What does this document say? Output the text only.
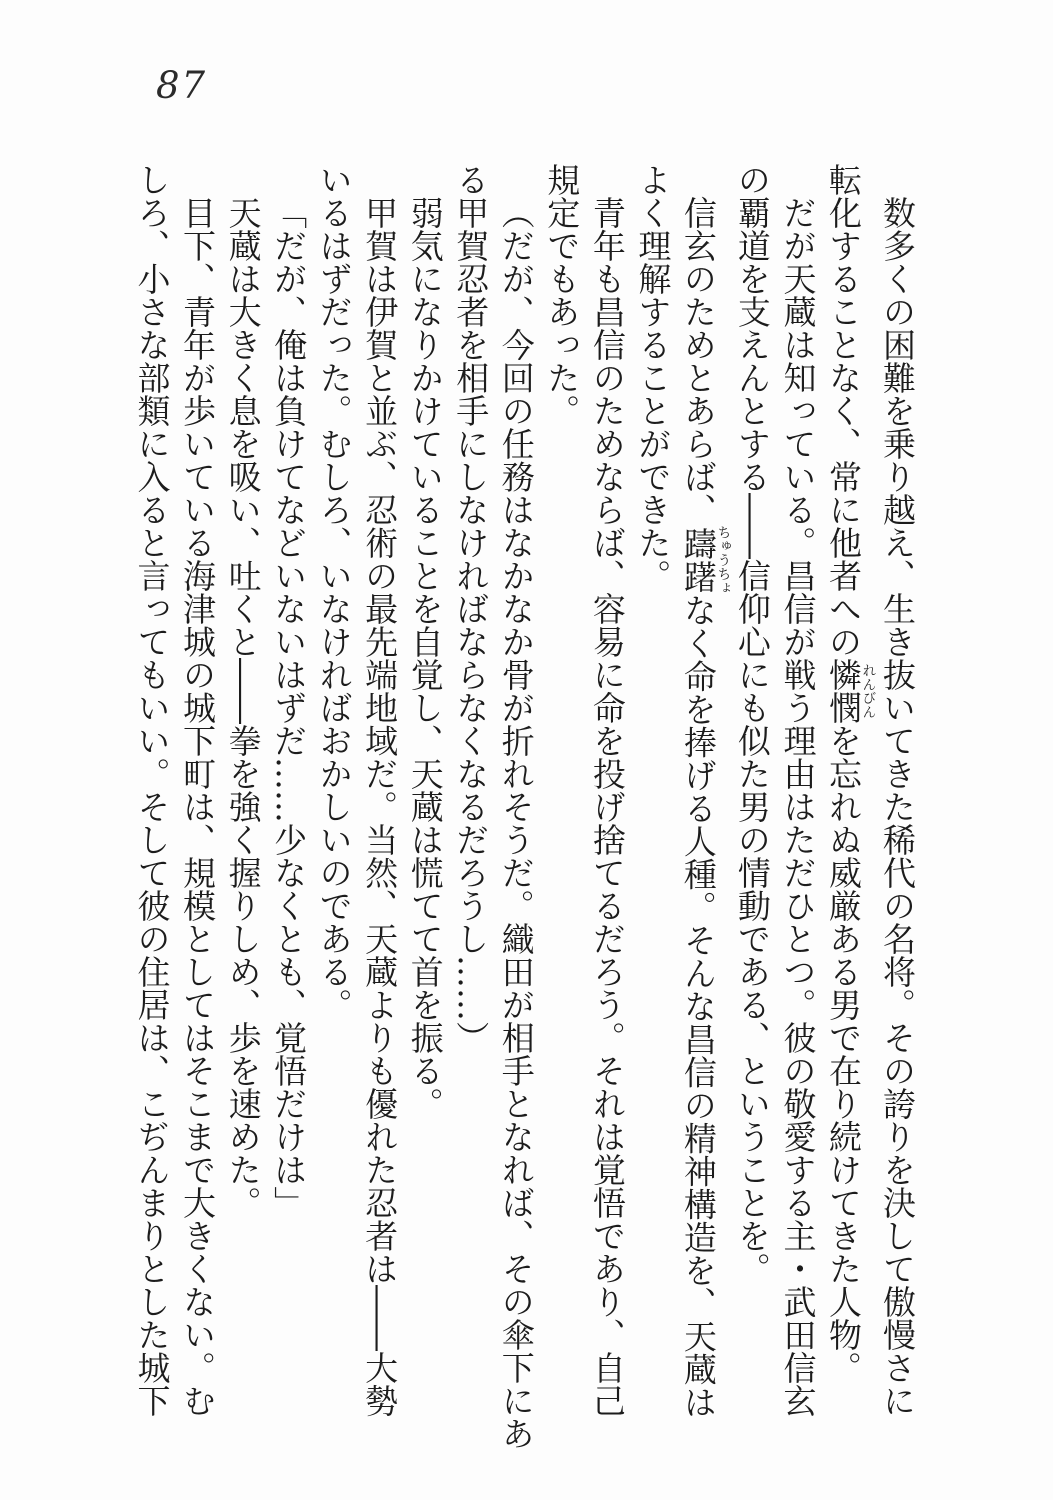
87

数多くの困難を乗り越え、生き抜いてきた稀代の名将。その誇りを決して傲慢さに

転化することなく、常に他者への憐憫れんびんを忘れぬ威厳ある男で在り続けてきた人物。

だが天蔵は知っている。昌信が戦う理由はただひとつ。彼の敬愛する主・武田信玄

の覇道を支えんとする――信仰心にも似た男の情動である、ということを。

信玄のためとあらば、躊躇ちゅうちょなく命を捧げる人種。そんな昌信の精神構造を、天蔵は

よく理解することができた。

青年も昌信のためならば、容易に命を投げ捨てるだろう。それは覚悟であり、自己

規定でもあった。

（だが、今回の任務はなかなか骨が折れそうだ。織田が相手となれば、その傘下にあ

る甲賀忍者を相手にしなければならなくなるだろうし……）

弱気になりかけていることを自覚し、天蔵は慌てて首を振る。

甲賀は伊賀と並ぶ、忍術の最先端地域だ。当然、天蔵よりも優れた忍者は――大勢

いるはずだった。むしろ、いなければおかしいのである。

「だが、俺は負けてなどいないはずだ……少なくとも、覚悟だけは」

天蔵は大きく息を吸い、吐くと――拳を強く握りしめ、歩を速めた。

目下、青年が歩いている海津城の城下町は、規模としてはそこまで大きくない。む

しろ、小さな部類に入ると言ってもいい。そして彼の住居は、こぢんまりとした城下
